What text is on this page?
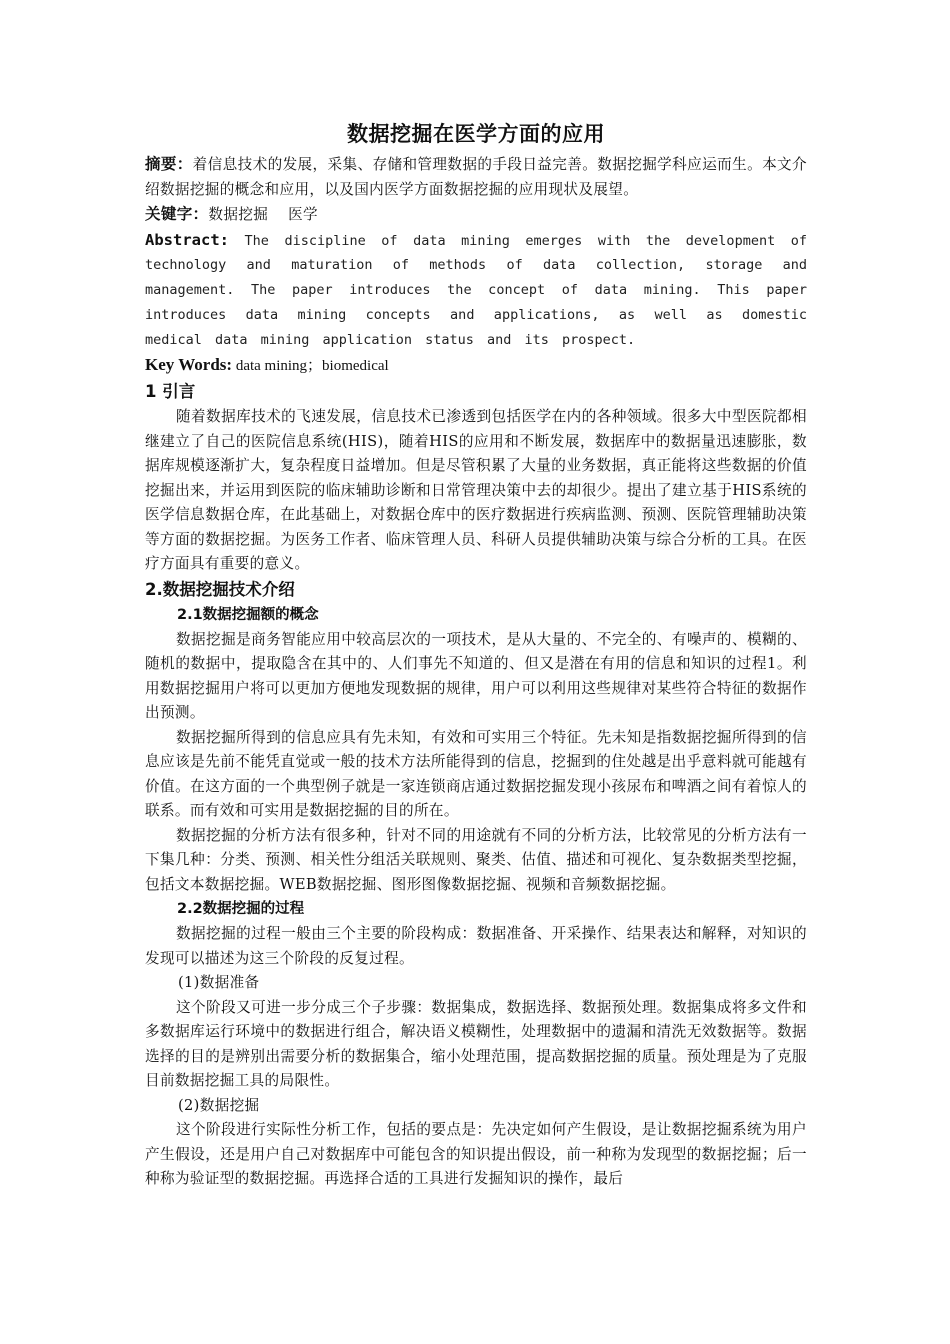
数据挖掘在医学方面的应用

摘要：着信息技术的发展，采集、存储和管理数据的手段日益完善。数据挖掘学科应运而生。本文介绍数据挖掘的概念和应用，以及国内医学方面数据挖掘的应用现状及展望。

关键字：数据挖掘　 医学

Abstract: The discipline of data mining emerges with the development of technology and maturation of methods of data collection, storage and management. The paper introduces the concept of data mining. This paper introduces data mining concepts and applications, as well as domestic medical data mining application status and its prospect.

Key Words: data mining；biomedical

1 引言

随着数据库技术的飞速发展，信息技术已渗透到包括医学在内的各种领域。很多大中型医院都相继建立了自己的医院信息系统(HIS)，随着HIS的应用和不断发展，数据库中的数据量迅速膨胀，数据库规模逐渐扩大，复杂程度日益增加。但是尽管积累了大量的业务数据，真正能将这些数据的价值挖掘出来，并运用到医院的临床辅助诊断和日常管理决策中去的却很少。提出了建立基于HIS系统的医学信息数据仓库，在此基础上，对数据仓库中的医疗数据进行疾病监测、预测、医院管理辅助决策等方面的数据挖掘。为医务工作者、临床管理人员、科研人员提供辅助决策与综合分析的工具。在医疗方面具有重要的意义。

2.数据挖掘技术介绍
2.1数据挖掘额的概念

数据挖掘是商务智能应用中较高层次的一项技术，是从大量的、不完全的、有噪声的、模糊的、随机的数据中，提取隐含在其中的、人们事先不知道的、但又是潜在有用的信息和知识的过程1。利用数据挖掘用户将可以更加方便地发现数据的规律，用户可以利用这些规律对某些符合特征的数据作出预测。

数据挖掘所得到的信息应具有先未知，有效和可实用三个特征。先未知是指数据挖掘所得到的信息应该是先前不能凭直觉或一般的技术方法所能得到的信息，挖掘到的住处越是出乎意料就可能越有价值。在这方面的一个典型例子就是一家连锁商店通过数据挖掘发现小孩尿布和啤酒之间有着惊人的联系。而有效和可实用是数据挖掘的目的所在。

数据挖掘的分析方法有很多种，针对不同的用途就有不同的分析方法，比较常见的分析方法有一下集几种：分类、预测、相关性分组活关联规则、聚类、估值、描述和可视化、复杂数据类型挖掘，包括文本数据挖掘。WEB数据挖掘、图形图像数据挖掘、视频和音频数据挖掘。

2.2数据挖掘的过程

数据挖掘的过程一般由三个主要的阶段构成：数据准备、开采操作、结果表达和解释，对知识的发现可以描述为这三个阶段的反复过程。

(1)数据准备

这个阶段又可进一步分成三个子步骤：数据集成，数据选择、数据预处理。数据集成将多文件和多数据库运行环境中的数据进行组合，解决语义模糊性，处理数据中的遗漏和清洗无效数据等。数据选择的目的是辨别出需要分析的数据集合，缩小处理范围，提高数据挖掘的质量。预处理是为了克服目前数据挖掘工具的局限性。

(2)数据挖掘

这个阶段进行实际性分析工作，包括的要点是：先决定如何产生假设，是让数据挖掘系统为用户产生假设，还是用户自己对数据库中可能包含的知识提出假设，前一种称为发现型的数据挖掘；后一种称为验证型的数据挖掘。再选择合适的工具进行发掘知识的操作，最后
